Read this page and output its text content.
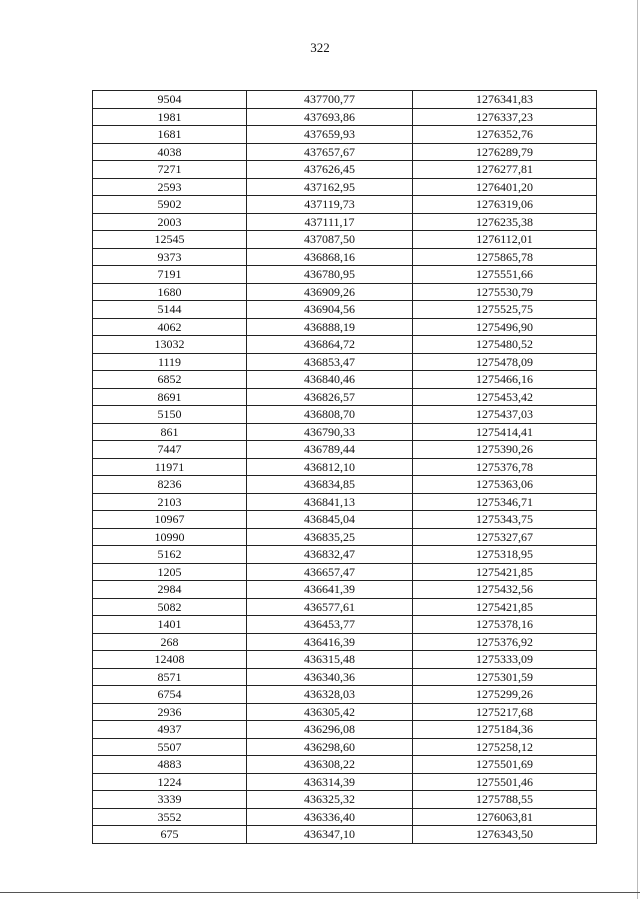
322
9504	437700,77	1276341,83
1981	437693,86	1276337,23
1681	437659,93	1276352,76
4038	437657,67	1276289,79
7271	437626,45	1276277,81
2593	437162,95	1276401,20
5902	437119,73	1276319,06
2003	437111,17	1276235,38
12545	437087,50	1276112,01
9373	436868,16	1275865,78
7191	436780,95	1275551,66
1680	436909,26	1275530,79
5144	436904,56	1275525,75
4062	436888,19	1275496,90
13032	436864,72	1275480,52
1119	436853,47	1275478,09
6852	436840,46	1275466,16
8691	436826,57	1275453,42
5150	436808,70	1275437,03
861	436790,33	1275414,41
7447	436789,44	1275390,26
11971	436812,10	1275376,78
8236	436834,85	1275363,06
2103	436841,13	1275346,71
10967	436845,04	1275343,75
10990	436835,25	1275327,67
5162	436832,47	1275318,95
1205	436657,47	1275421,85
2984	436641,39	1275432,56
5082	436577,61	1275421,85
1401	436453,77	1275378,16
268	436416,39	1275376,92
12408	436315,48	1275333,09
8571	436340,36	1275301,59
6754	436328,03	1275299,26
2936	436305,42	1275217,68
4937	436296,08	1275184,36
5507	436298,60	1275258,12
4883	436308,22	1275501,69
1224	436314,39	1275501,46
3339	436325,32	1275788,55
3552	436336,40	1276063,81
675	436347,10	1276343,50
